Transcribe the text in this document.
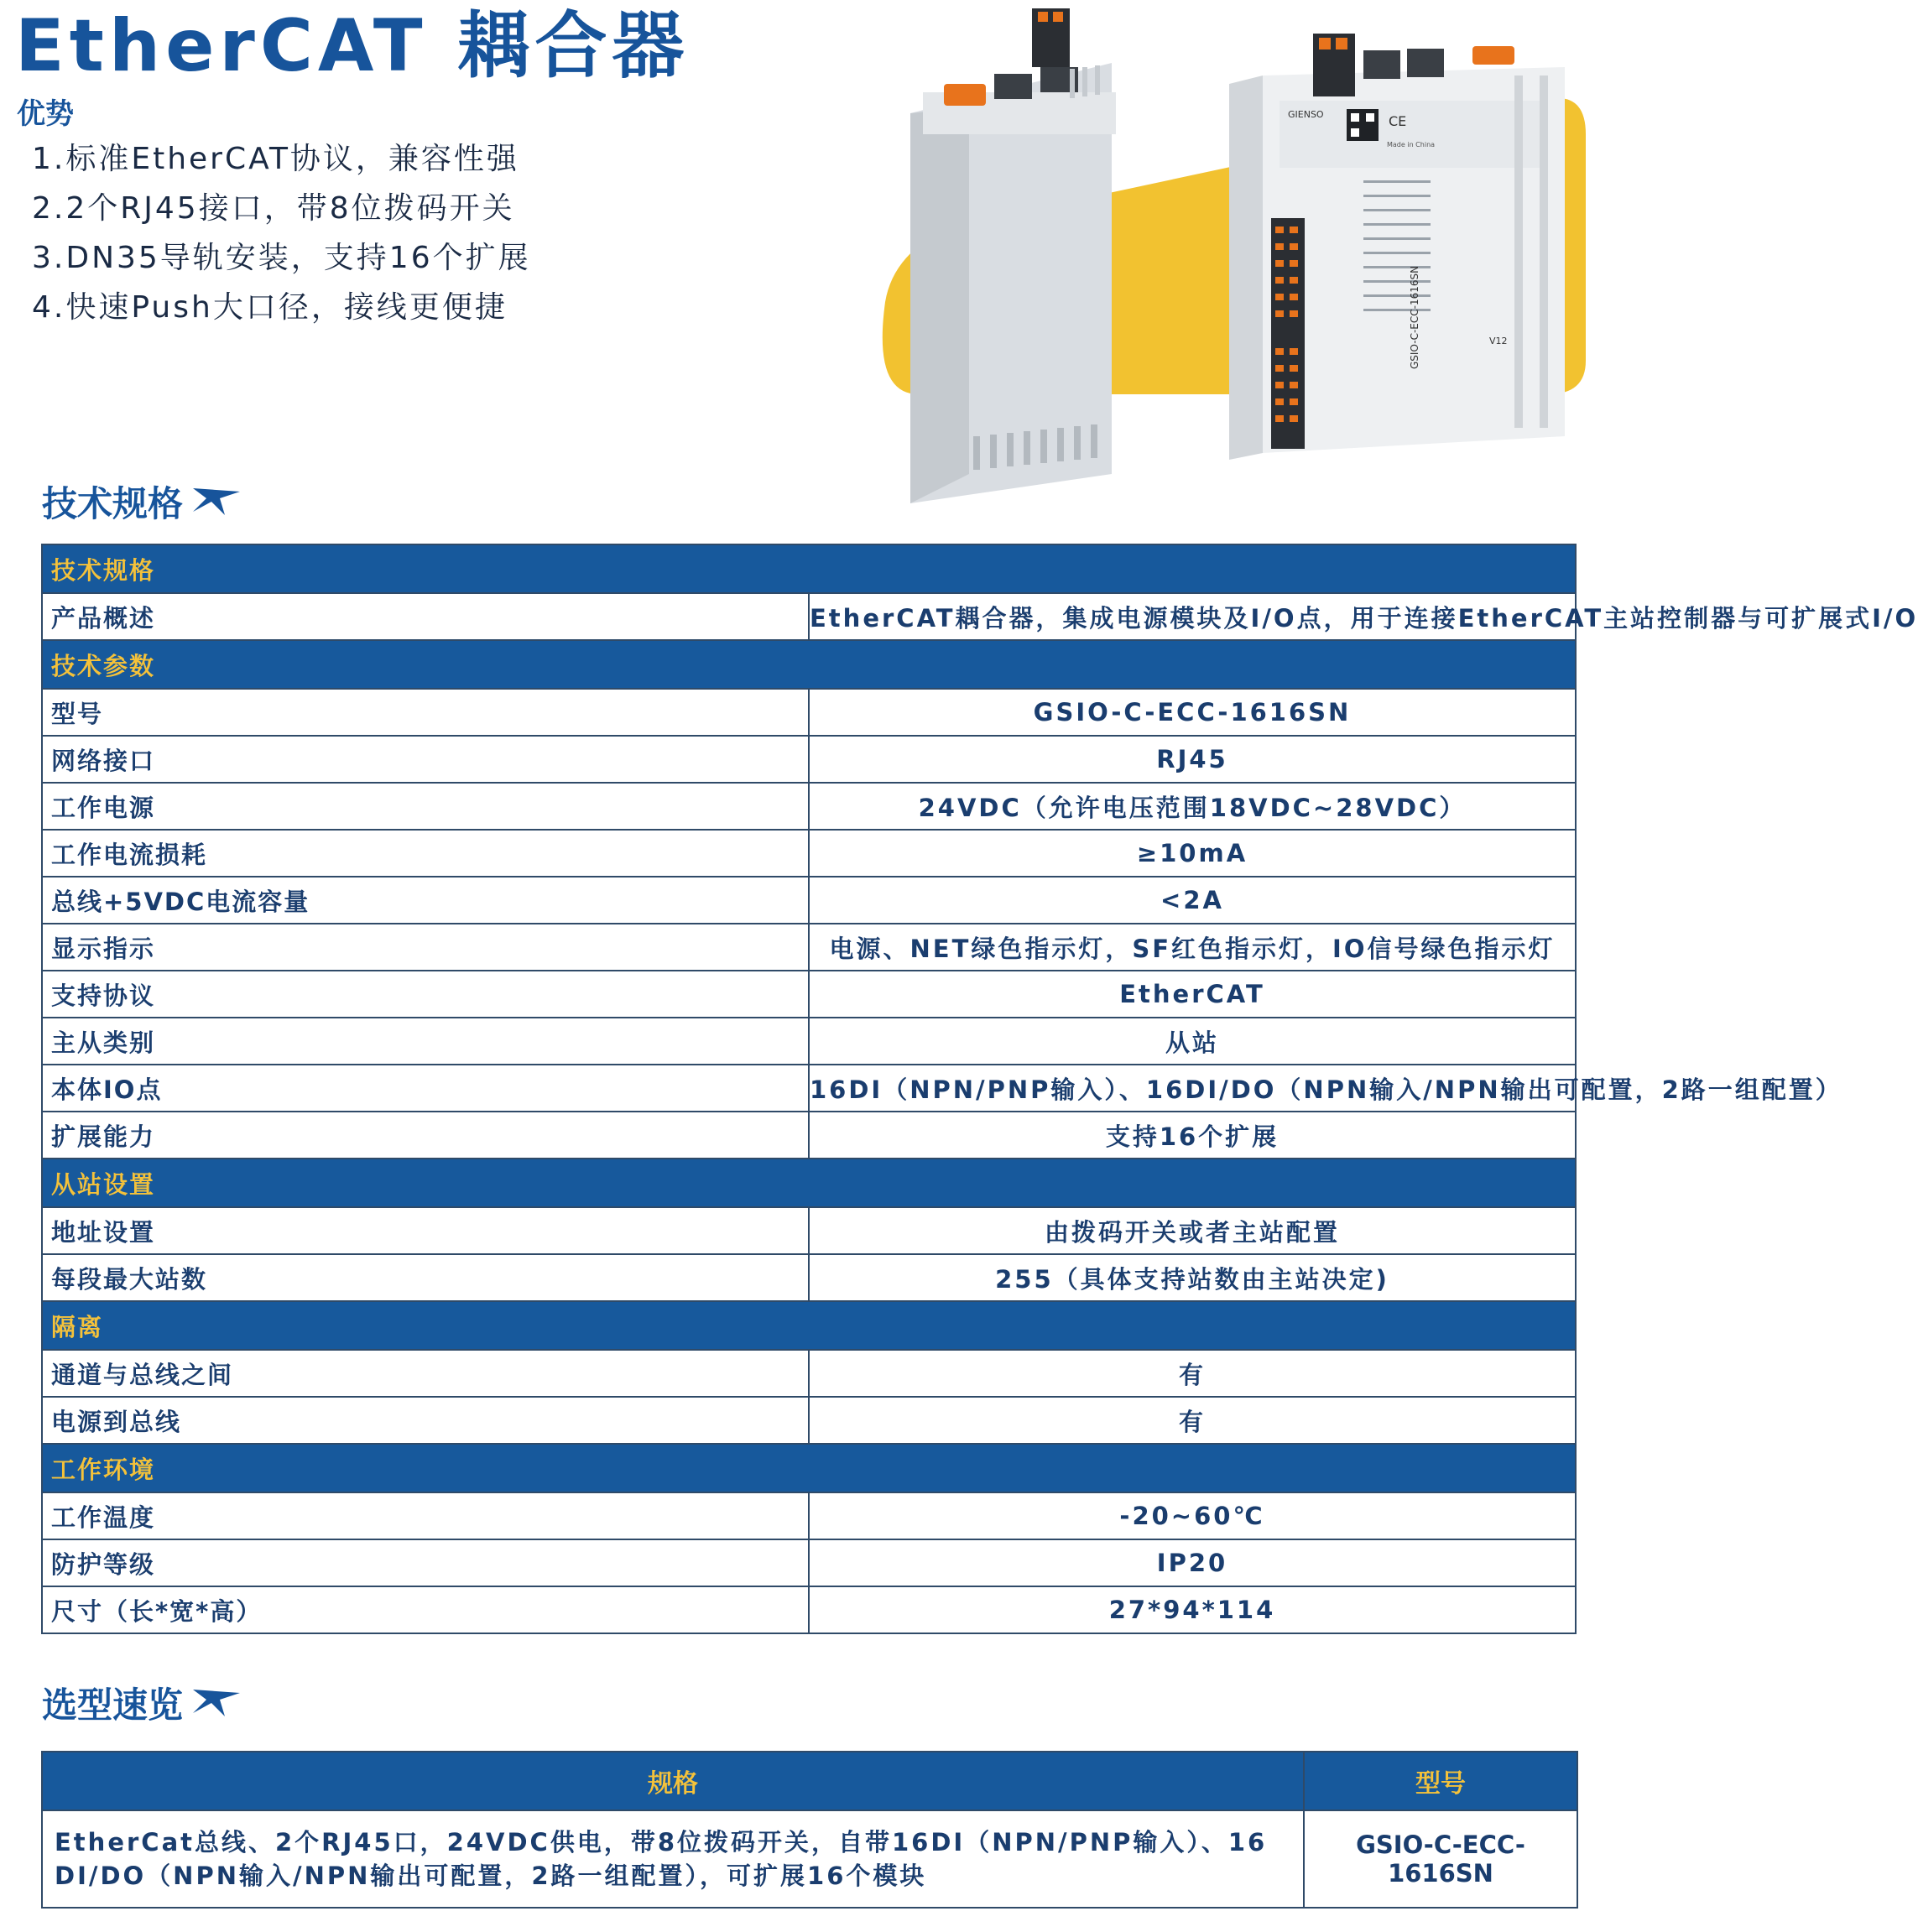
EtherCAT 耦合器
优势
1.标准EtherCAT协议，兼容性强
2.2个RJ45接口，带8位拨码开关
3.DN35导轨安装，支持16个扩展
4.快速Push大口径，接线更便捷
GIENSO	CE
Made in China
GSIO-C-ECC-1616SN	V12
技术规格
技术规格	
产品概述	EtherCAT耦合器，集成电源模块及I/O点，用于连接EtherCAT主站控制器与可扩展式I/O
技术参数	
型号	GSIO-C-ECC-1616SN
网络接口	RJ45
工作电源	24VDC（允许电压范围18VDC~28VDC）
工作电流损耗	≥10mA
总线+5VDC电流容量	<2A
显示指示	电源、NET绿色指示灯，SF红色指示灯，IO信号绿色指示灯
支持协议	EtherCAT
主从类别	从站
本体IO点	16DI（NPN/PNP输入）、16DI/DO（NPN输入/NPN输出可配置，2路一组配置）
扩展能力	支持16个扩展
从站设置	
地址设置	由拨码开关或者主站配置
每段最大站数	255（具体支持站数由主站决定)
隔离	
通道与总线之间	有
电源到总线	有
工作环境	
工作温度	-20~60℃
防护等级	IP20
尺寸（长*宽*高）	27*94*114
选型速览
规格	型号

EtherCat总线、2个RJ45口，24VDC供电，带8位拨码开关，自带16DI（NPN/PNP输入）、16
DI/DO（NPN输入/NPN输出可配置，2路一组配置），可扩展16个模块	GSIO-C-ECC-1616SN
